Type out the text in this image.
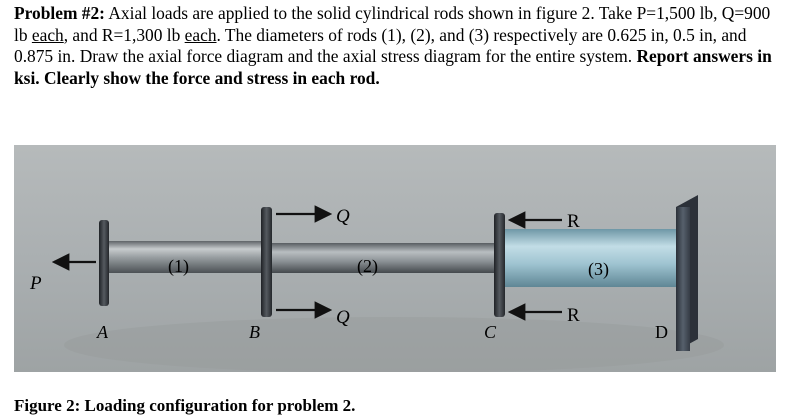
Problem #2: Axial loads are applied to the solid cylindrical rods shown in figure 2. Take P=1,500 lb, Q=900 lb each, and R=1,300 lb each. The diameters of rods (1), (2), and (3) respectively are 0.625 in, 0.5 in, and 0.875 in. Draw the axial force diagram and the axial stress diagram for the entire system. Report answers in ksi. Clearly show the force and stress in each rod.
P
Q
Q
R
R
(1)	(2)	(3)
A	B	C	D
Figure 2: Loading configuration for problem 2.
